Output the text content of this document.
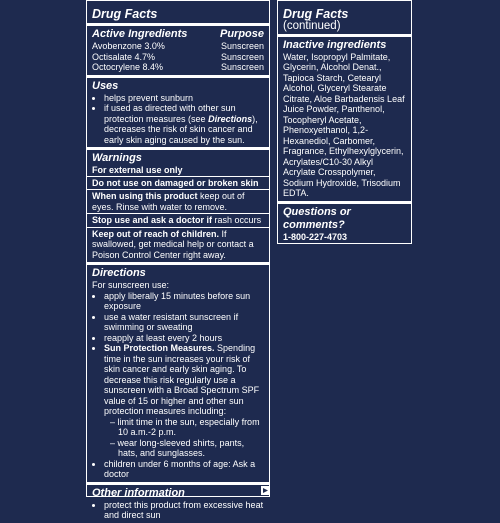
Drug Facts
Active Ingredients	Purpose
Avobenzone 3.0%	Sunscreen
Octisalate 4.7%	Sunscreen
Octocrylene 8.4%	Sunscreen
Uses
• helps prevent sunburn
• if used as directed with other sun protection measures (see Directions), decreases the risk of skin cancer and early skin aging caused by the sun.
Warnings
For external use only
Do not use on damaged or broken skin
When using this product keep out of eyes. Rinse with water to remove.
Stop use and ask a doctor if rash occurs
Keep out of reach of children. If swallowed, get medical help or contact a Poison Control Center right away.
Directions
For sunscreen use:
• apply liberally 15 minutes before sun exposure
• use a water resistant sunscreen if swimming or sweating
• reapply at least every 2 hours
• Sun Protection Measures. Spending time in the sun increases your risk of skin cancer and early skin aging. To decrease this risk regularly use a sunscreen with a Broad Spectrum SPF value of 15 or higher and other sun protection measures including:
– limit time in the sun, especially from 10 a.m.-2 p.m.
– wear long-sleeved shirts, pants, hats, and sunglasses.
• children under 6 months of age: Ask a doctor
Other information
• protect this product from excessive heat and direct sun
Drug Facts (continued)
Inactive ingredients
Water, Isopropyl Palmitate, Glycerin, Alcohol Denat., Tapioca Starch, Cetearyl Alcohol, Glyceryl Stearate Citrate, Aloe Barbadensis Leaf Juice Powder, Panthenol, Tocopheryl Acetate, Phenoxyethanol, 1,2-Hexanediol, Carbomer, Fragrance, Ethylhexylglycerin, Acrylates/C10-30 Alkyl Acrylate Crosspolymer, Sodium Hydroxide, Trisodium EDTA.
Questions or comments?
1-800-227-4703
